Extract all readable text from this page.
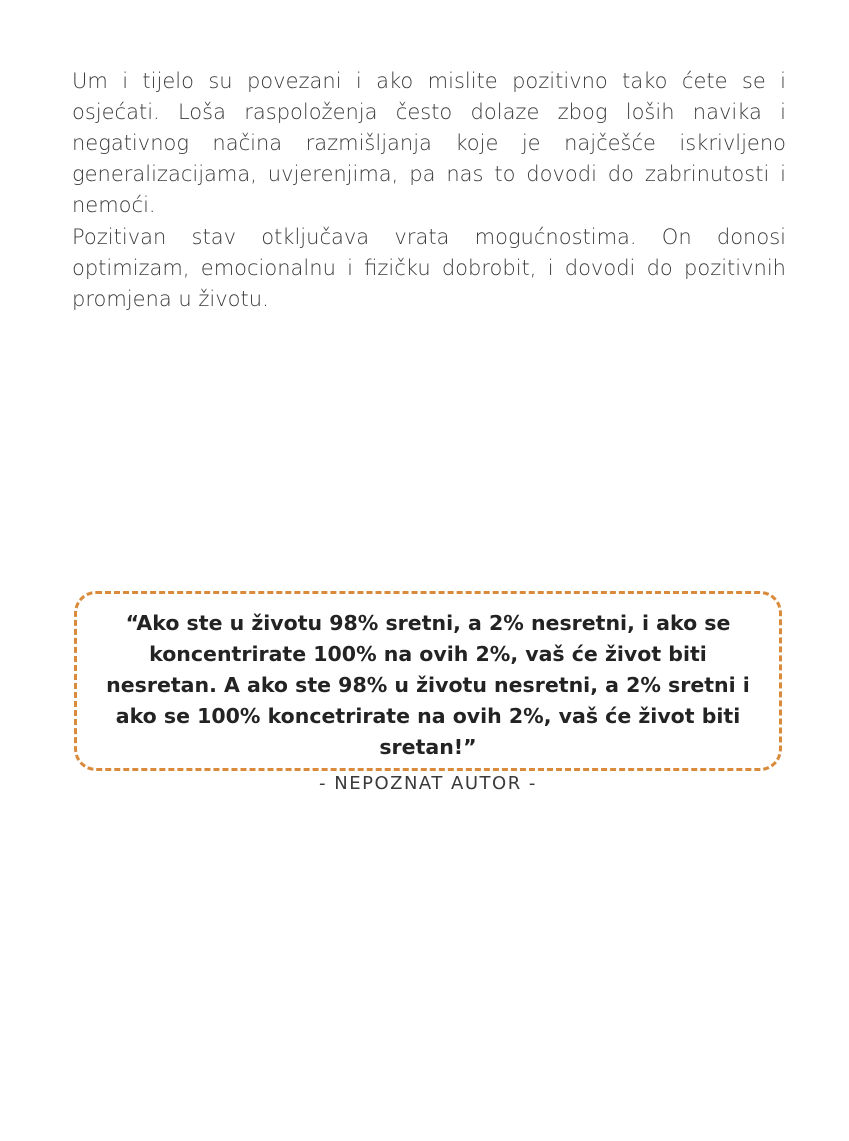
Um i tijelo su povezani i ako mislite pozitivno tako ćete se i osjećati. Loša raspoloženja često dolaze zbog loših navika i negativnog načina razmišljanja koje je najčešće iskrivljeno generalizacijama, uvjerenjima, pa nas to dovodi do zabrinutosti i nemoći.

Pozitivan stav otključava vrata mogućnostima. On donosi optimizam, emocionalnu i fizičku dobrobit, i dovodi do pozitivnih promjena u životu.

“Ako ste u životu 98% sretni, a 2% nesretni, i ako se koncentrirate 100% na ovih 2%, vaš će život biti nesretan. A ako ste 98% u životu nesretni, a 2% sretni i ako se 100% koncetrirate na ovih 2%, vaš će život biti sretan!”

- NEPOZNAT AUTOR -
